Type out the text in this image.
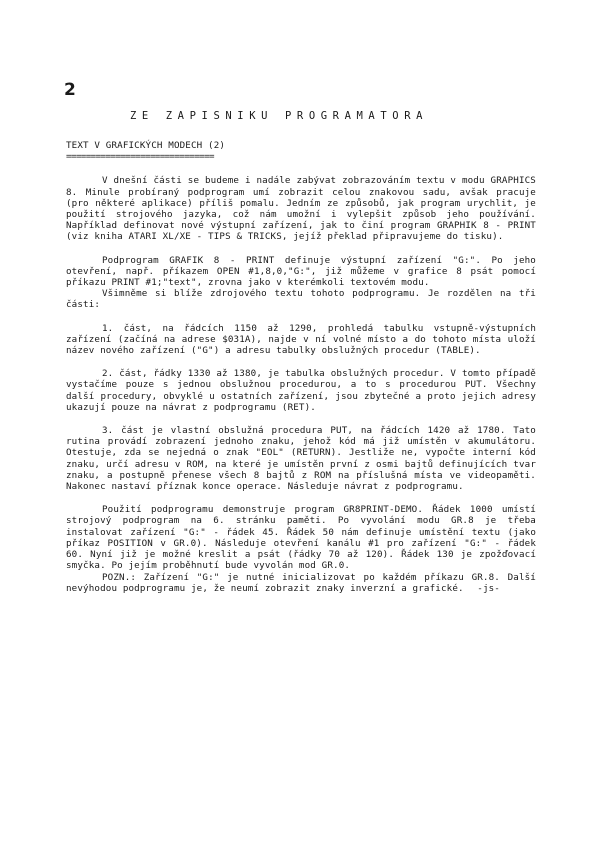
2
ZE ZAPISNIKU PROGRAMATORA
TEXT V GRAFICKÝCH MODECH (2)
==============================

V dnešní části se budeme i nadále zabývat zobrazováním textu v modu GRAPHICS 8. Minule probíraný podprogram umí zobrazit celou znakovou sadu, avšak pracuje (pro některé aplikace) příliš pomalu. Jedním ze způsobů, jak program urychlit, je použití strojového jazyka, což nám umožní i vylepšit způsob jeho používání. Například definovat nové výstupní zařízení, jak to činí program GRAPHIK 8 - PRINT (viz kniha ATARI XL/XE - TIPS & TRICKS, jejíž překlad připravujeme do tisku).

Podprogram GRAFIK 8 - PRINT definuje výstupní zařízení "G:". Po jeho otevření, např. příkazem OPEN #1,8,0,"G:", již můžeme v grafice 8 psát pomocí příkazu PRINT #1;"text", zrovna jako v kterémkoli textovém modu.

Všimněme si blíže zdrojového textu tohoto podprogramu. Je rozdělen na tři části:

1. část, na řádcích 1150 až 1290, prohledá tabulku vstupně-výstupních zařízení (začíná na adrese $031A), najde v ní volné místo a do tohoto místa uloží název nového zařízení ("G") a adresu tabulky obslužných procedur (TABLE).

2. část, řádky 1330 až 1380, je tabulka obslužných procedur. V tomto případě vystačíme pouze s jednou obslužnou procedurou, a to s procedurou PUT. Všechny další procedury, obvyklé u ostatních zařízení, jsou zbytečné a proto jejich adresy ukazují pouze na návrat z podprogramu (RET).

3. část je vlastní obslužná procedura PUT, na řádcích 1420 až 1780. Tato rutina provádí zobrazení jednoho znaku, jehož kód má již umístěn v akumulátoru. Otestuje, zda se nejedná o znak "EOL" (RETURN). Jestliže ne, vypočte interní kód znaku, určí adresu v ROM, na které je umístěn první z osmi bajtů definujících tvar znaku, a postupně přenese všech 8 bajtů z ROM na příslušná místa ve videopaměti. Nakonec nastaví příznak konce operace. Následuje návrat z podprogramu.

Použití podprogramu demonstruje program GR8PRINT-DEMO. Řádek 1000 umístí strojový podprogram na 6. stránku paměti. Po vyvolání modu GR.8 je třeba instalovat zařízení "G:" - řádek 45. Řádek 50 nám definuje umístění textu (jako příkaz POSITION v GR.0). Následuje otevření kanálu #1 pro zařízení "G:" - řádek 60. Nyní již je možné kreslit a psát (řádky 70 až 120). Řádek 130 je zpožďovací smyčka. Po jejím proběhnutí bude vyvolán mod GR.0.

POZN.: Zařízení "G:" je nutné inicializovat po každém příkazu GR.8. Další nevýhodou podprogramu je, že neumí zobrazit znaky inverzní a grafické.	-js-
